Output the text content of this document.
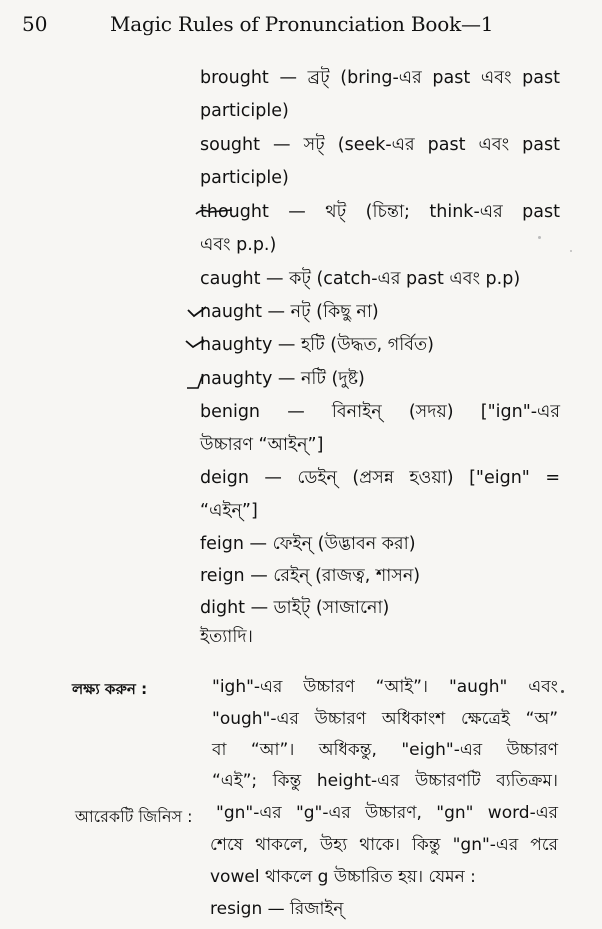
50	Magic Rules of Pronunciation Book—1
brought — ব্রট্ (bring-এর past এবং past
participle)
sought — সট্ (seek-এর past এবং past
participle)
thought — থট্ (চিন্তা; think-এর past
এবং p.p.)
caught — কট্ (catch-এর past এবং p.p)
naught — নট্ (কিছু না)
haughty — হটি (উদ্ধত, গর্বিত)
naughty — নটি (দুষ্ট)
benign — বিনাইন্ (সদয়) ["ign"-এর
উচ্চারণ “আইন্”]
deign — ডেইন্ (প্রসন্ন হওয়া) ["eign" =
“এইন্”]
feign — ফেইন্ (উদ্ভাবন করা)
reign — রেইন্ (রাজত্ব, শাসন)
dight — ডাইট্ (সাজানো)
ইত্যাদি।
লক্ষ্য করুন :	"igh"-এর উচ্চারণ “আই”। "augh" এবং
"ough"-এর উচ্চারণ অধিকাংশ ক্ষেত্রেই “অ”
বা “আ”। অধিকন্তু, "eigh"-এর উচ্চারণ
“এই”; কিন্তু height-এর উচ্চারণটি ব্যতিক্রম।
আরেকটি জিনিস : "gn"-এর "g"-এর উচ্চারণ, "gn" word-এর
শেষে থাকলে, উহ্য থাকে। কিন্তু "gn"-এর পরে
vowel থাকলে g উচ্চারিত হয়। যেমন :
resign — রিজাইন্
